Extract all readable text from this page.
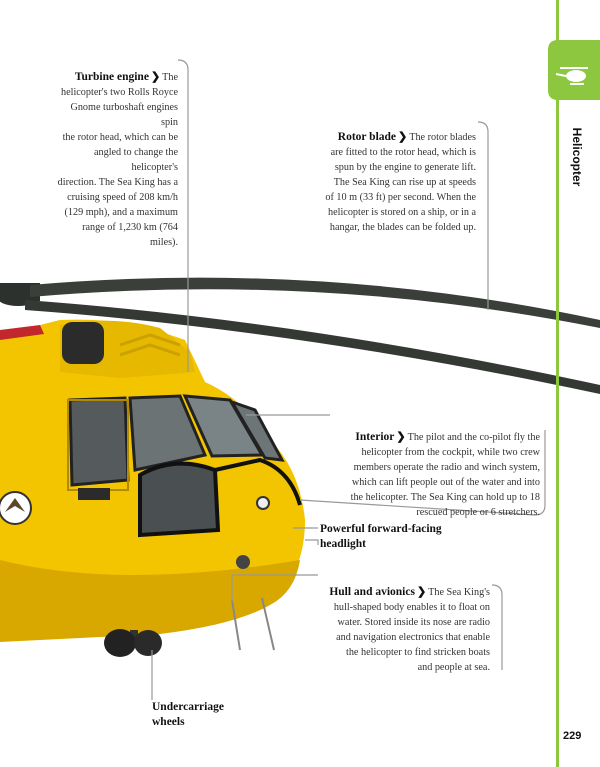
Helicopter
229
Turbine engine ❯ The
helicopter's two Rolls Royce
Gnome turboshaft engines spin
the rotor head, which can be
angled to change the helicopter's
direction. The Sea King has a
cruising speed of 208 km/h
(129 mph), and a maximum
range of 1,230 km (764 miles).
Rotor blade ❯ The rotor blades
are fitted to the rotor head, which is
spun by the engine to generate lift.
The Sea King can rise up at speeds
of 10 m (33 ft) per second. When the
helicopter is stored on a ship, or in a
hangar, the blades can be folded up.
Interior ❯ The pilot and the co-pilot fly the
helicopter from the cockpit, while two crew
members operate the radio and winch system,
which can lift people out of the water and into
the helicopter. The Sea King can hold up to 18
rescued people or 6 stretchers.
Powerful forward-facing
headlight
Hull and avionics ❯ The Sea King's
hull-shaped body enables it to float on
water. Stored inside its nose are radio
and navigation electronics that enable
the helicopter to find stricken boats
and people at sea.
Undercarriage
wheels
